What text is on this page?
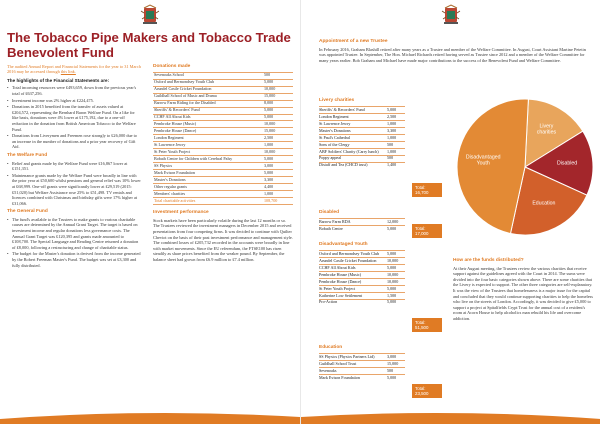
The Tobacco Pipe Makers and Tobacco Trade
Benevolent Fund

The audited Annual Report and Financial Statements for the year to 31 March 2016 may be accessed through this link.

The highlights of the Financial Statements are:
• Total incoming resources were £493,659, down from the previous year's total of £637,256.
• Investment income was 2% higher at £224,475.
• Donations in 2015 benefited from the transfer of assets valued at £204,572, representing the Bernhard Baron Welfare Fund. On a like for like basis, donations were 4% lower at £175,192, due to a one-off reduction in the donation from British American Tobacco to the Welfare Fund.
• Donations from Liverymen and Freemen rose strongly to £26,000 due to an increase in the number of donations and a prior year recovery of Gift Aid.
The Welfare Fund
• Relief and grants made by the Welfare Fund were £16,867 lower at £151,351.
• Maintenance grants made by the Welfare Fund were broadly in line with the prior year at £50,600 whilst pensions and general relief was 10% lower at £68,999. One-off grants were significantly lower at £29,519 (2015: £51,020) but Welfare Assistance rose 25% to £51,498. TV rentals and licences combined with Christmas and birthday gifts were 17% higher at £31,066.
The General Fund
• The fund's available to the Trustees to make grants to various charitable causes are determined by the Annual Grant Target. The target is based on investment income and regular donations less governance costs. The Annual Grant Target was £120,395 and grants made amounted to £108,700. The Special Language and Reading Centre returned a donation of £8,000, following a restructuring and change of charitable status.
• The budget for the Master's donation is derived from the income generated by the Robert Freeman Master's Fund. The budget was set at £3,300 and fully distributed.
Donations made
Sevenoaks School	500
Oxford and Bermondsey Youth Club	5,000
Arundel Castle Cricket Foundation	10,000
Guildhall School of Music and Drama	15,000
Barrow Farm Riding for the Disabled	8,000
Sheriffs' & Recorders' Fund	5,000
CCHF All About Kids	5,000
Pembroke House (Music)	10,000
Pembroke House (Dance)	15,000
London Regiment	2,500
St Lawrence Jewry	1,000
St Peter Youth Project	10,000
Bobath Centre for Children with Cerebral Palsy	5,000
SS Physics	3,000
Mark Evison Foundation	5,000
Master's Donations	3,300
Other regular grants	4,400
Members' charities	1,000
Total charitable activities	108,700
Investment performance

Stock markets have been particularly volatile during the last 12 months or so. The Trustees reviewed the investment managers in December 2015 and received presentations from four competing firms. It was decided to continue with Quilter Cheviot on the basis of their past investment performance and management style. The combined losses of £205,732 recorded in the accounts were broadly in line with market movements. Since the EU referendum, the FTSE100 has risen steadily as share prices benefited from the weaker pound. By September, the balance sheet had grown from £6.9 million to £7.4 million.

4
Appointment of a new Trustee

In February 2016, Graham Blashill retired after many years as a Trustee and member of the Welfare Committee. In August, Court Assistant Martine Petetin was appointed Trustee. In September, The Hon. Michael Richards retired having served as Trustee since 2012 and a member of the Welfare Committee for many years earlier. Bob Graham and Michael have made major contributions to the success of the Benevolent Fund and Welfare Committee.

Livery charities
Sheriffs' & Recorders' Fund	5,000
London Regiment	2,500
St Lawrence Jewry	1,000
Master's Donations	3,300
St Paul's Cathedral	1,000
Sons of the Clergy	500
ABF Soldiers' Charity (Carry lunch)	1,000
Poppy appeal	500
Distaff and Tea (CHCD trust)	1,400
Total:
16,700
Disabled
Barrow Farm RDA	12,000
Bobath Centre	5,000	Total:
17,000
Disadvantaged Youth
Oxford and Bermondsey Youth Club	5,000
Arundel Castle Cricket Foundation	10,000
CCHF All About Kids	5,000
Pembroke House (Music)	10,000
Pembroke House (Dance)	10,000
St Peter Youth Project	5,000
Katherine Low Settlement	1,500
Pro-Action	5,000
Total:
51,500
Education
SS Physics (Physics Partners Ltd)	3,000
Guildhall School Trust	15,000
Sevenoaks	500
Mark Evison Foundation	5,000
Total:
23,500
Livery charities
Disabled
Education
Disadvantaged Youth
How are the funds distributed?

At their August meeting, the Trustees review the various charities that receive support against the guidelines agreed with the Court in 2014. The sums were divided into the four basic categories shown above. There are some charities that the Livery is expected to support. The other three categories are self-explanatory. It was the view of the Trustees that homelessness is a major issue for the capital and concluded that they would continue supporting charities to help the homeless who live on the streets of London. Accordingly, it was decided to give £5,000 to support a project at Spitalfields Crypt Trust for the annual cost of a resident's room at Acorn House to help alcoholics man rebuild his life and overcome addiction.

5
